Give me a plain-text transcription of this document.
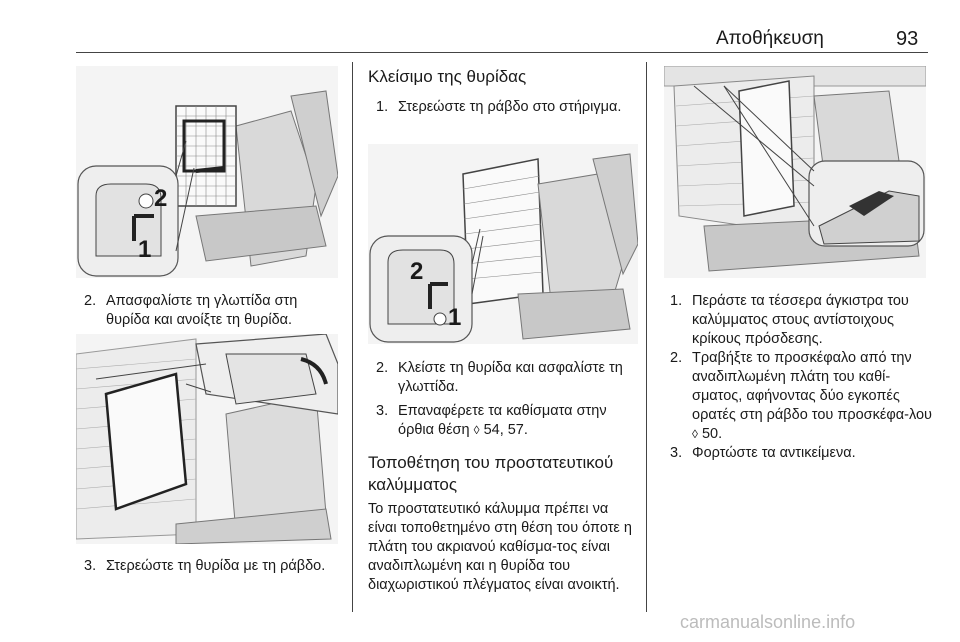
Αποθήκευση	93
2
1
2. Απασφαλίστε τη γλωττίδα στη θυρίδα και ανοίξτε τη θυρίδα.
3. Στερεώστε τη θυρίδα με τη ράβδο.
Κλείσιμο της θυρίδας
1. Στερεώστε τη ράβδο στο στήριγμα.
2
1
2. Κλείστε τη θυρίδα και ασφαλίστε τη γλωττίδα.
3. Επαναφέρετε τα καθίσματα στην όρθια θέση ◊ 54, 57.
Τοποθέτηση του προστατευτικού καλύμματος
Το προστατευτικό κάλυμμα πρέπει να είναι τοποθετημένο στη θέση του όποτε η πλάτη του ακριανού καθίσμα-τος είναι αναδιπλωμένη και η θυρίδα του διαχωριστικού πλέγματος είναι ανοικτή.
1. Περάστε τα τέσσερα άγκιστρα του καλύμματος στους αντίστοιχους κρίκους πρόσδεσης.
2. Τραβήξτε το προσκέφαλο από την αναδιπλωμένη πλάτη του καθί-σματος, αφήνοντας δύο εγκοπές ορατές στη ράβδο του προσκέφα-λου ◊ 50.
3. Φορτώστε τα αντικείμενα.
carmanualsonline.info
